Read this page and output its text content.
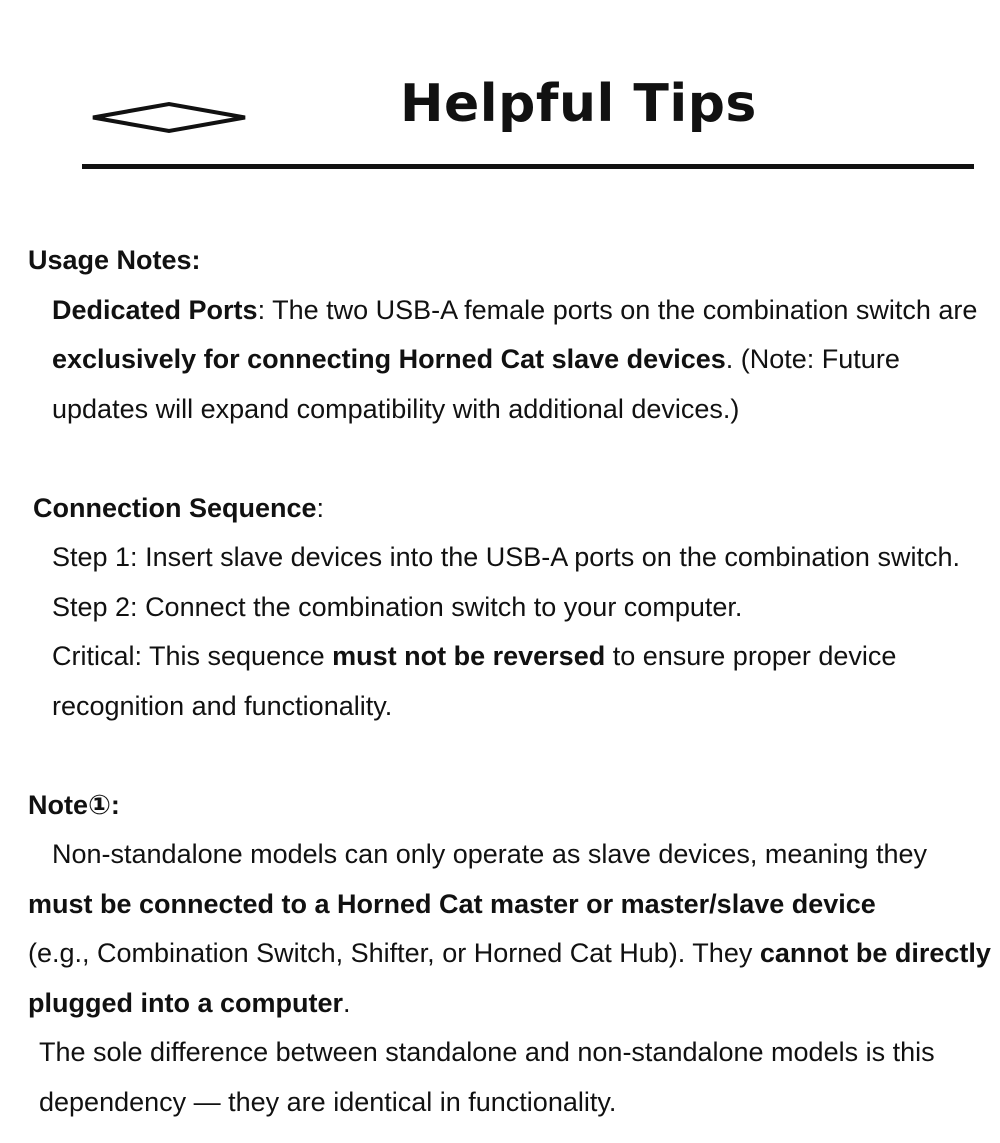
Helpful Tips

Usage Notes:

Dedicated Ports: The two USB-A female ports on the combination switch are exclusively for connecting Horned Cat slave devices. (Note: Future updates will expand compatibility with additional devices.)

Connection Sequence:

Step 1: Insert slave devices into the USB-A ports on the combination switch.

Step 2: Connect the combination switch to your computer.

Critical: This sequence must not be reversed to ensure proper device recognition and functionality.

Note①:

Non-standalone models can only operate as slave devices, meaning they
must be connected to a Horned Cat master or master/slave device
(e.g., Combination Switch, Shifter, or Horned Cat Hub). They cannot be directly plugged into a computer.

The sole difference between standalone and non-standalone models is this dependency — they are identical in functionality.
